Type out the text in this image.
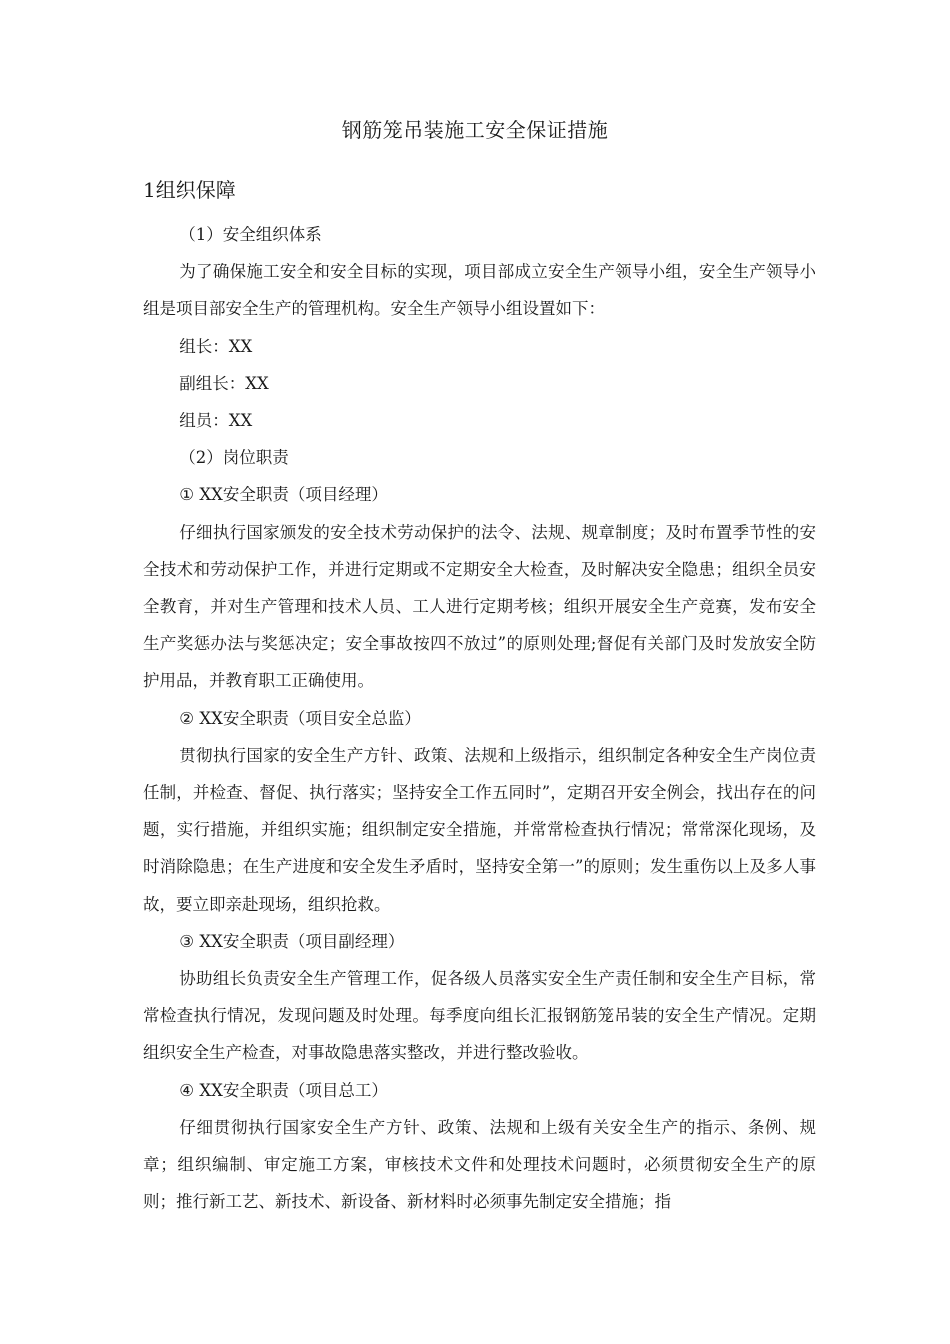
钢筋笼吊装施工安全保证措施
1组织保障

（1）安全组织体系

为了确保施工安全和安全目标的实现，项目部成立安全生产领导小组，安全生产领导小组是项目部安全生产的管理机构。安全生产领导小组设置如下：

组长：XX

副组长：XX

组员：XX

（2）岗位职责

① XX安全职责（项目经理）

仔细执行国家颁发的安全技术劳动保护的法令、法规、规章制度；及时布置季节性的安全技术和劳动保护工作，并进行定期或不定期安全大检查，及时解决安全隐患；组织全员安全教育，并对生产管理和技术人员、工人进行定期考核；组织开展安全生产竞赛，发布安全生产奖惩办法与奖惩决定；安全事故按四不放过”的原则处理;督促有关部门及时发放安全防护用品，并教育职工正确使用。

② XX安全职责（项目安全总监）

贯彻执行国家的安全生产方针、政策、法规和上级指示，组织制定各种安全生产岗位责任制，并检查、督促、执行落实；坚持安全工作五同时”，定期召开安全例会，找出存在的问题，实行措施，并组织实施；组织制定安全措施，并常常检查执行情况；常常深化现场，及时消除隐患；在生产进度和安全发生矛盾时，坚持安全第一”的原则；发生重伤以上及多人事故，要立即亲赴现场，组织抢救。

③ XX安全职责（项目副经理）

协助组长负责安全生产管理工作，促各级人员落实安全生产责任制和安全生产目标，常常检查执行情况，发现问题及时处理。每季度向组长汇报钢筋笼吊装的安全生产情况。定期组织安全生产检查，对事故隐患落实整改，并进行整改验收。

④ XX安全职责（项目总工）

仔细贯彻执行国家安全生产方针、政策、法规和上级有关安全生产的指示、条例、规章；组织编制、审定施工方案，审核技术文件和处理技术问题时，必须贯彻安全生产的原则；推行新工艺、新技术、新设备、新材料时必须事先制定安全措施；指
